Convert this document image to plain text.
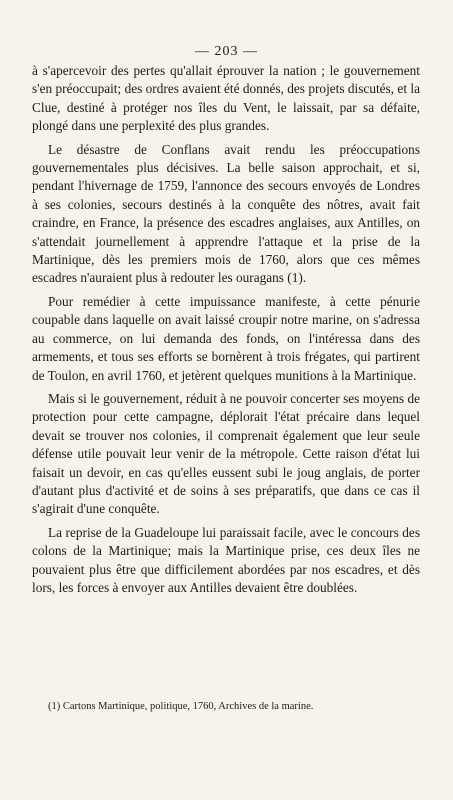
— 203 —

à s'apercevoir des pertes qu'allait éprouver la nation ; le gouvernement s'en préoccupait; des ordres avaient été donnés, des projets discutés, et la Clue, destiné à protéger nos îles du Vent, le laissait, par sa défaite, plongé dans une perplexité des plus grandes.

Le désastre de Conflans avait rendu les préoccupations gouvernementales plus décisives. La belle saison approchait, et si, pendant l'hivernage de 1759, l'annonce des secours envoyés de Londres à ses colonies, secours destinés à la conquête des nôtres, avait fait craindre, en France, la présence des escadres anglaises, aux Antilles, on s'attendait journellement à apprendre l'attaque et la prise de la Martinique, dès les premiers mois de 1760, alors que ces mêmes escadres n'auraient plus à redouter les ouragans (1).

Pour remédier à cette impuissance manifeste, à cette pénurie coupable dans laquelle on avait laissé croupir notre marine, on s'adressa au commerce, on lui demanda des fonds, on l'intéressa dans des armements, et tous ses efforts se bornèrent à trois frégates, qui partirent de Toulon, en avril 1760, et jetèrent quelques munitions à la Martinique.

Mais si le gouvernement, réduit à ne pouvoir concerter ses moyens de protection pour cette campagne, déplorait l'état précaire dans lequel devait se trouver nos colonies, il comprenait également que leur seule défense utile pouvait leur venir de la métropole. Cette raison d'état lui faisait un devoir, en cas qu'elles eussent subi le joug anglais, de porter d'autant plus d'activité et de soins à ses préparatifs, que dans ce cas il s'agirait d'une conquête.

La reprise de la Guadeloupe lui paraissait facile, avec le concours des colons de la Martinique; mais la Martinique prise, ces deux îles ne pouvaient plus être que difficilement abordées par nos escadres, et dès lors, les forces à envoyer aux Antilles devaient être doublées.

(1) Cartons Martinique, politique, 1760, Archives de la marine.
